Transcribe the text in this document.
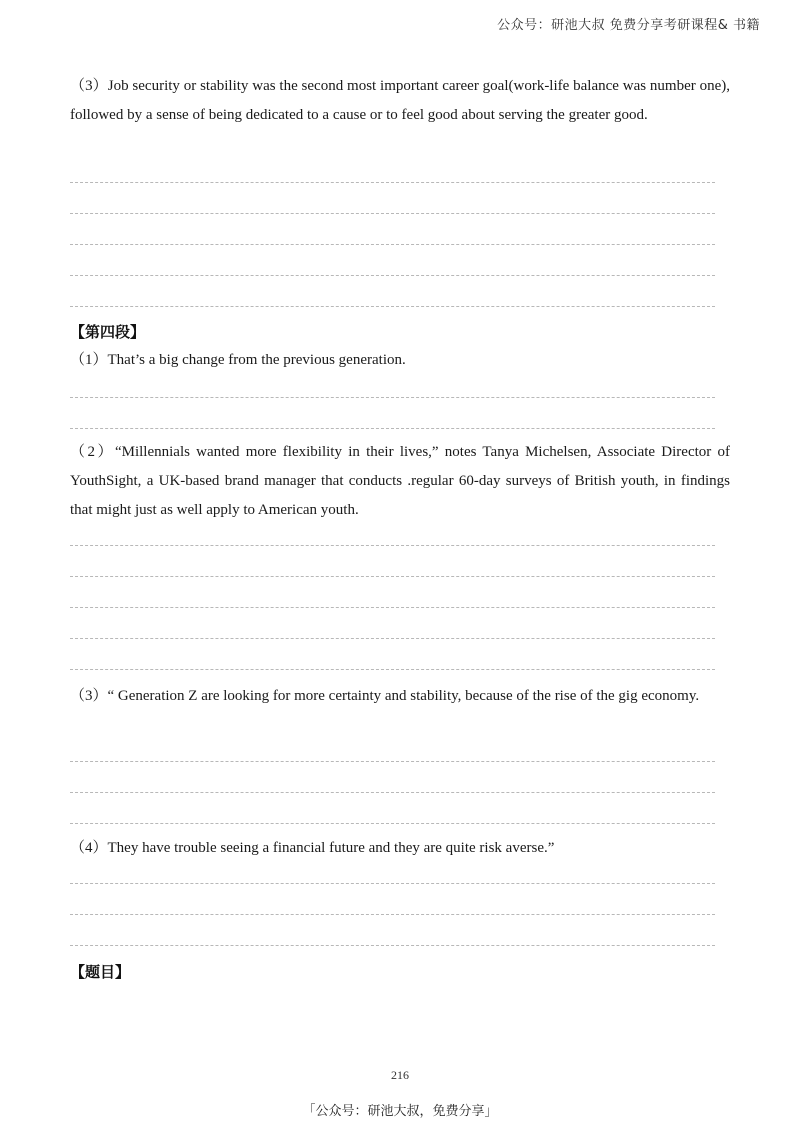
公众号：研池大叔 免费分享考研课程& 书籍
（3）Job security or stability was the second most important career goal(work-life balance was number one), followed by a sense of being dedicated to a cause or to feel good about serving the greater good.
【第四段】
（1）That’s a big change from the previous generation.
（2）“Millennials wanted more flexibility in their lives,” notes Tanya Michelsen, Associate Director of YouthSight, a UK-based brand manager that conducts .regular 60-day surveys of British youth, in findings that might just as well apply to American youth.
（3）“ Generation Z are looking for more certainty and stability, because of the rise of the gig economy.
（4）They have trouble seeing a financial future and they are quite risk averse.”
【题目】
216
「公众号：研池大叔，免费分享」
